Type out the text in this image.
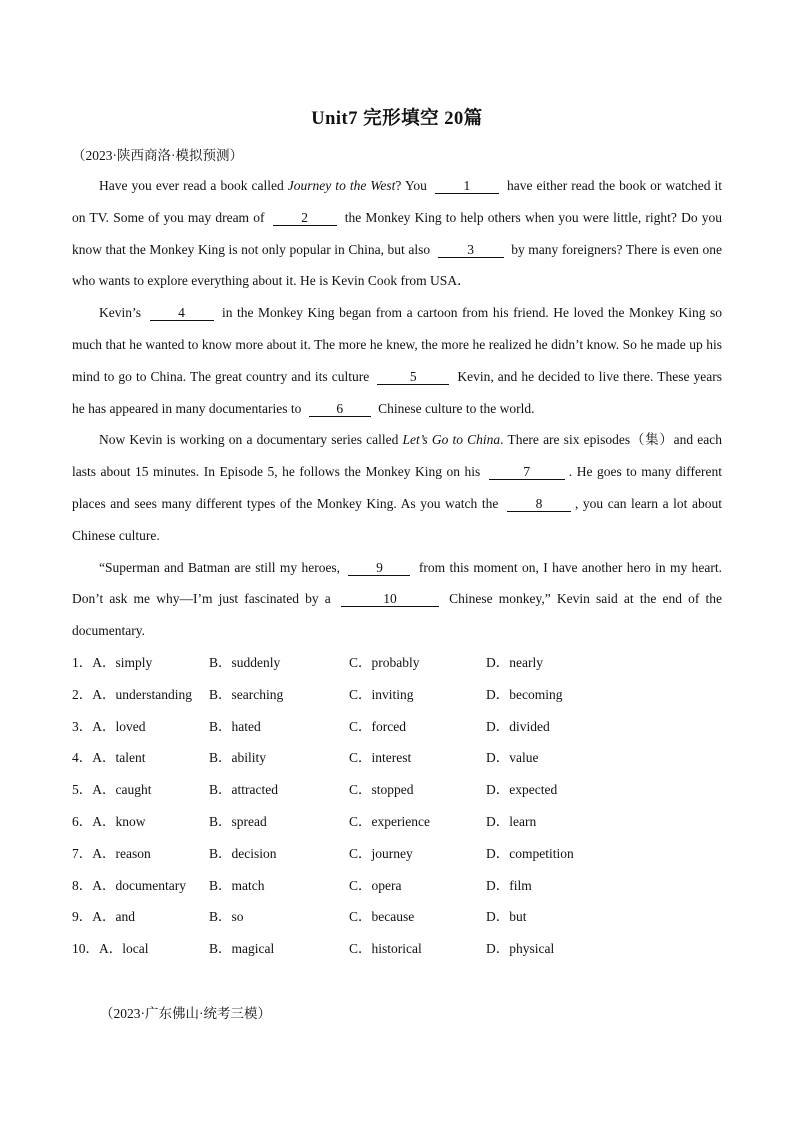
Unit7 完形填空 20篇
（2023·陕西商洛·模拟预测）

Have you ever read a book called Journey to the West? You 1 have either read the book or watched it on TV. Some of you may dream of 2 the Monkey King to help others when you were little, right? Do you know that the Monkey King is not only popular in China, but also 3 by many foreigners? There is even one who wants to explore everything about it. He is Kevin Cook from USA．

Kevin’s 4 in the Monkey King began from a cartoon from his friend. He loved the Monkey King so much that he wanted to know more about it. The more he knew, the more he realized he didn’t know. So he made up his mind to go to China. The great country and its culture	5	Kevin, and he decided to live there. These years he has appeared in many documentaries to 6 Chinese culture to the world.

Now Kevin is working on a documentary series called Let’s Go to China. There are six episodes（集）and each lasts about 15 minutes. In Episode 5, he follows the Monkey King on his	7	. He goes to many different places and sees many different types of the Monkey King. As you watch the 8 , you can learn a lot about Chinese culture.

“Superman and Batman are still my heroes, 9 from this moment on, I have another hero in my heart. Don’t ask me why—I’m just fascinated by a	10	Chinese monkey,” Kevin said at the end of the documentary.

1．A．simply	B．suddenly	C．probably	D．nearly
2．A．understanding B．searching	C．inviting	D．becoming
3．A．loved	B．hated	C．forced	D．divided
4．A．talent	B．ability	C．interest	D．value
5．A．caught	B．attracted	C．stopped	D．expected
6．A．know	B．spread	C．experience	D．learn
7．A．reason	B．decision	C．journey	D．competition
8．A．documentary B．match	C．opera	D．film
9．A．and	B．so	C．because	D．but
10．A．local	B．magical	C．historical	D．physical
（2023·广东佛山·统考三模）
